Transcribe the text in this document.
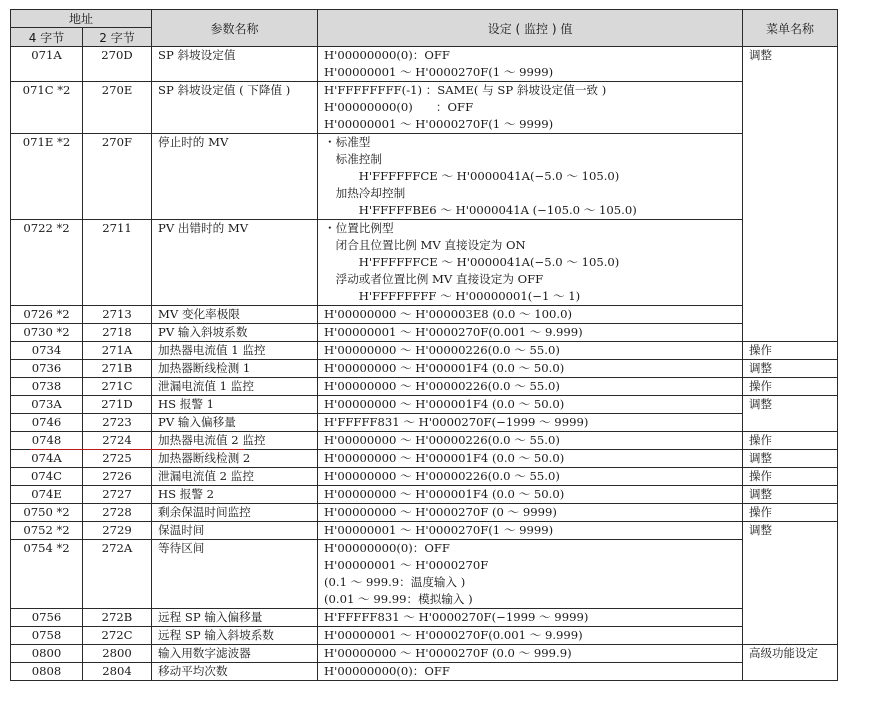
地址		参数名称	设定 ( 监控 ) 值	菜单名称
4 字节	2 字节			
071A	270D	SP 斜坡设定值	H'00000000(0)：OFF
H'00000001 ～ H'0000270F(1 ～ 9999)	调整
071C *2	270E	SP 斜坡设定值 ( 下降值 )	H'FFFFFFFF(-1) ：SAME( 与 SP 斜坡设定值一致 )
H'00000000(0)　　：OFF
H'00000001 ～ H'0000270F(1 ～ 9999)	

071E *2	270F	停止时的 MV	・标准型
　标准控制
　　　H'FFFFFFCE ～ H'0000041A(−5.0 ～ 105.0)
　加热冷却控制
　　　H'FFFFFBE6 ～ H'0000041A (−105.0 ～ 105.0)	

0722 *2	2711	PV 出错时的 MV	・位置比例型
　闭合且位置比例 MV 直接设定为 ON
　　　H'FFFFFFCE ～ H'0000041A(−5.0 ～ 105.0)
　浮动或者位置比例 MV 直接设定为 OFF
　　　H'FFFFFFFF ～ H'00000001(−1 ～ 1)	

0726 *2	2713	MV 变化率极限	H'00000000 ～ H'000003E8 (0.0 ～ 100.0)	

0730 *2	2718	PV 输入斜坡系数	H'00000001 ～ H'0000270F(0.001 ～ 9.999)	

0734	271A	加热器电流值 1 监控	H'00000000 ～ H'00000226(0.0 ～ 55.0)	操作
0736	271B	加热器断线检测 1	H'00000000 ～ H'000001F4 (0.0 ～ 50.0)	调整
0738	271C	泄漏电流值 1 监控	H'00000000 ～ H'00000226(0.0 ～ 55.0)	操作
073A	271D	HS 报警 1	H'00000000 ～ H'000001F4 (0.0 ～ 50.0)	调整
0746	2723	PV 输入偏移量	H'FFFFF831 ～ H'0000270F(−1999 ～ 9999)	

0748	2724	加热器电流值 2 监控	H'00000000 ～ H'00000226(0.0 ～ 55.0)	操作
074A	2725	加热器断线检测 2	H'00000000 ～ H'000001F4 (0.0 ～ 50.0)	调整
074C	2726	泄漏电流值 2 监控	H'00000000 ～ H'00000226(0.0 ～ 55.0)	操作
074E	2727	HS 报警 2	H'00000000 ～ H'000001F4 (0.0 ～ 50.0)	调整
0750 *2	2728	剩余保温时间监控	H'00000000 ～ H'0000270F (0 ～ 9999)	操作
0752 *2	2729	保温时间	H'00000001 ～ H'0000270F(1 ～ 9999)	调整
0754 *2	272A	等待区间	H'00000000(0)：OFF
H'00000001 ～ H'0000270F
(0.1 ～ 999.9：温度输入 )
(0.01 ～ 99.99：模拟输入 )	

0756	272B	远程 SP 输入偏移量	H'FFFFF831 ～ H'0000270F(−1999 ～ 9999)	

0758	272C	远程 SP 输入斜坡系数	H'00000001 ～ H'0000270F(0.001 ～ 9.999)	

0800	2800	输入用数字滤波器	H'00000000 ～ H'0000270F (0.0 ～ 999.9)	高级功能设定
0808	2804	移动平均次数	H'00000000(0)：OFF	
